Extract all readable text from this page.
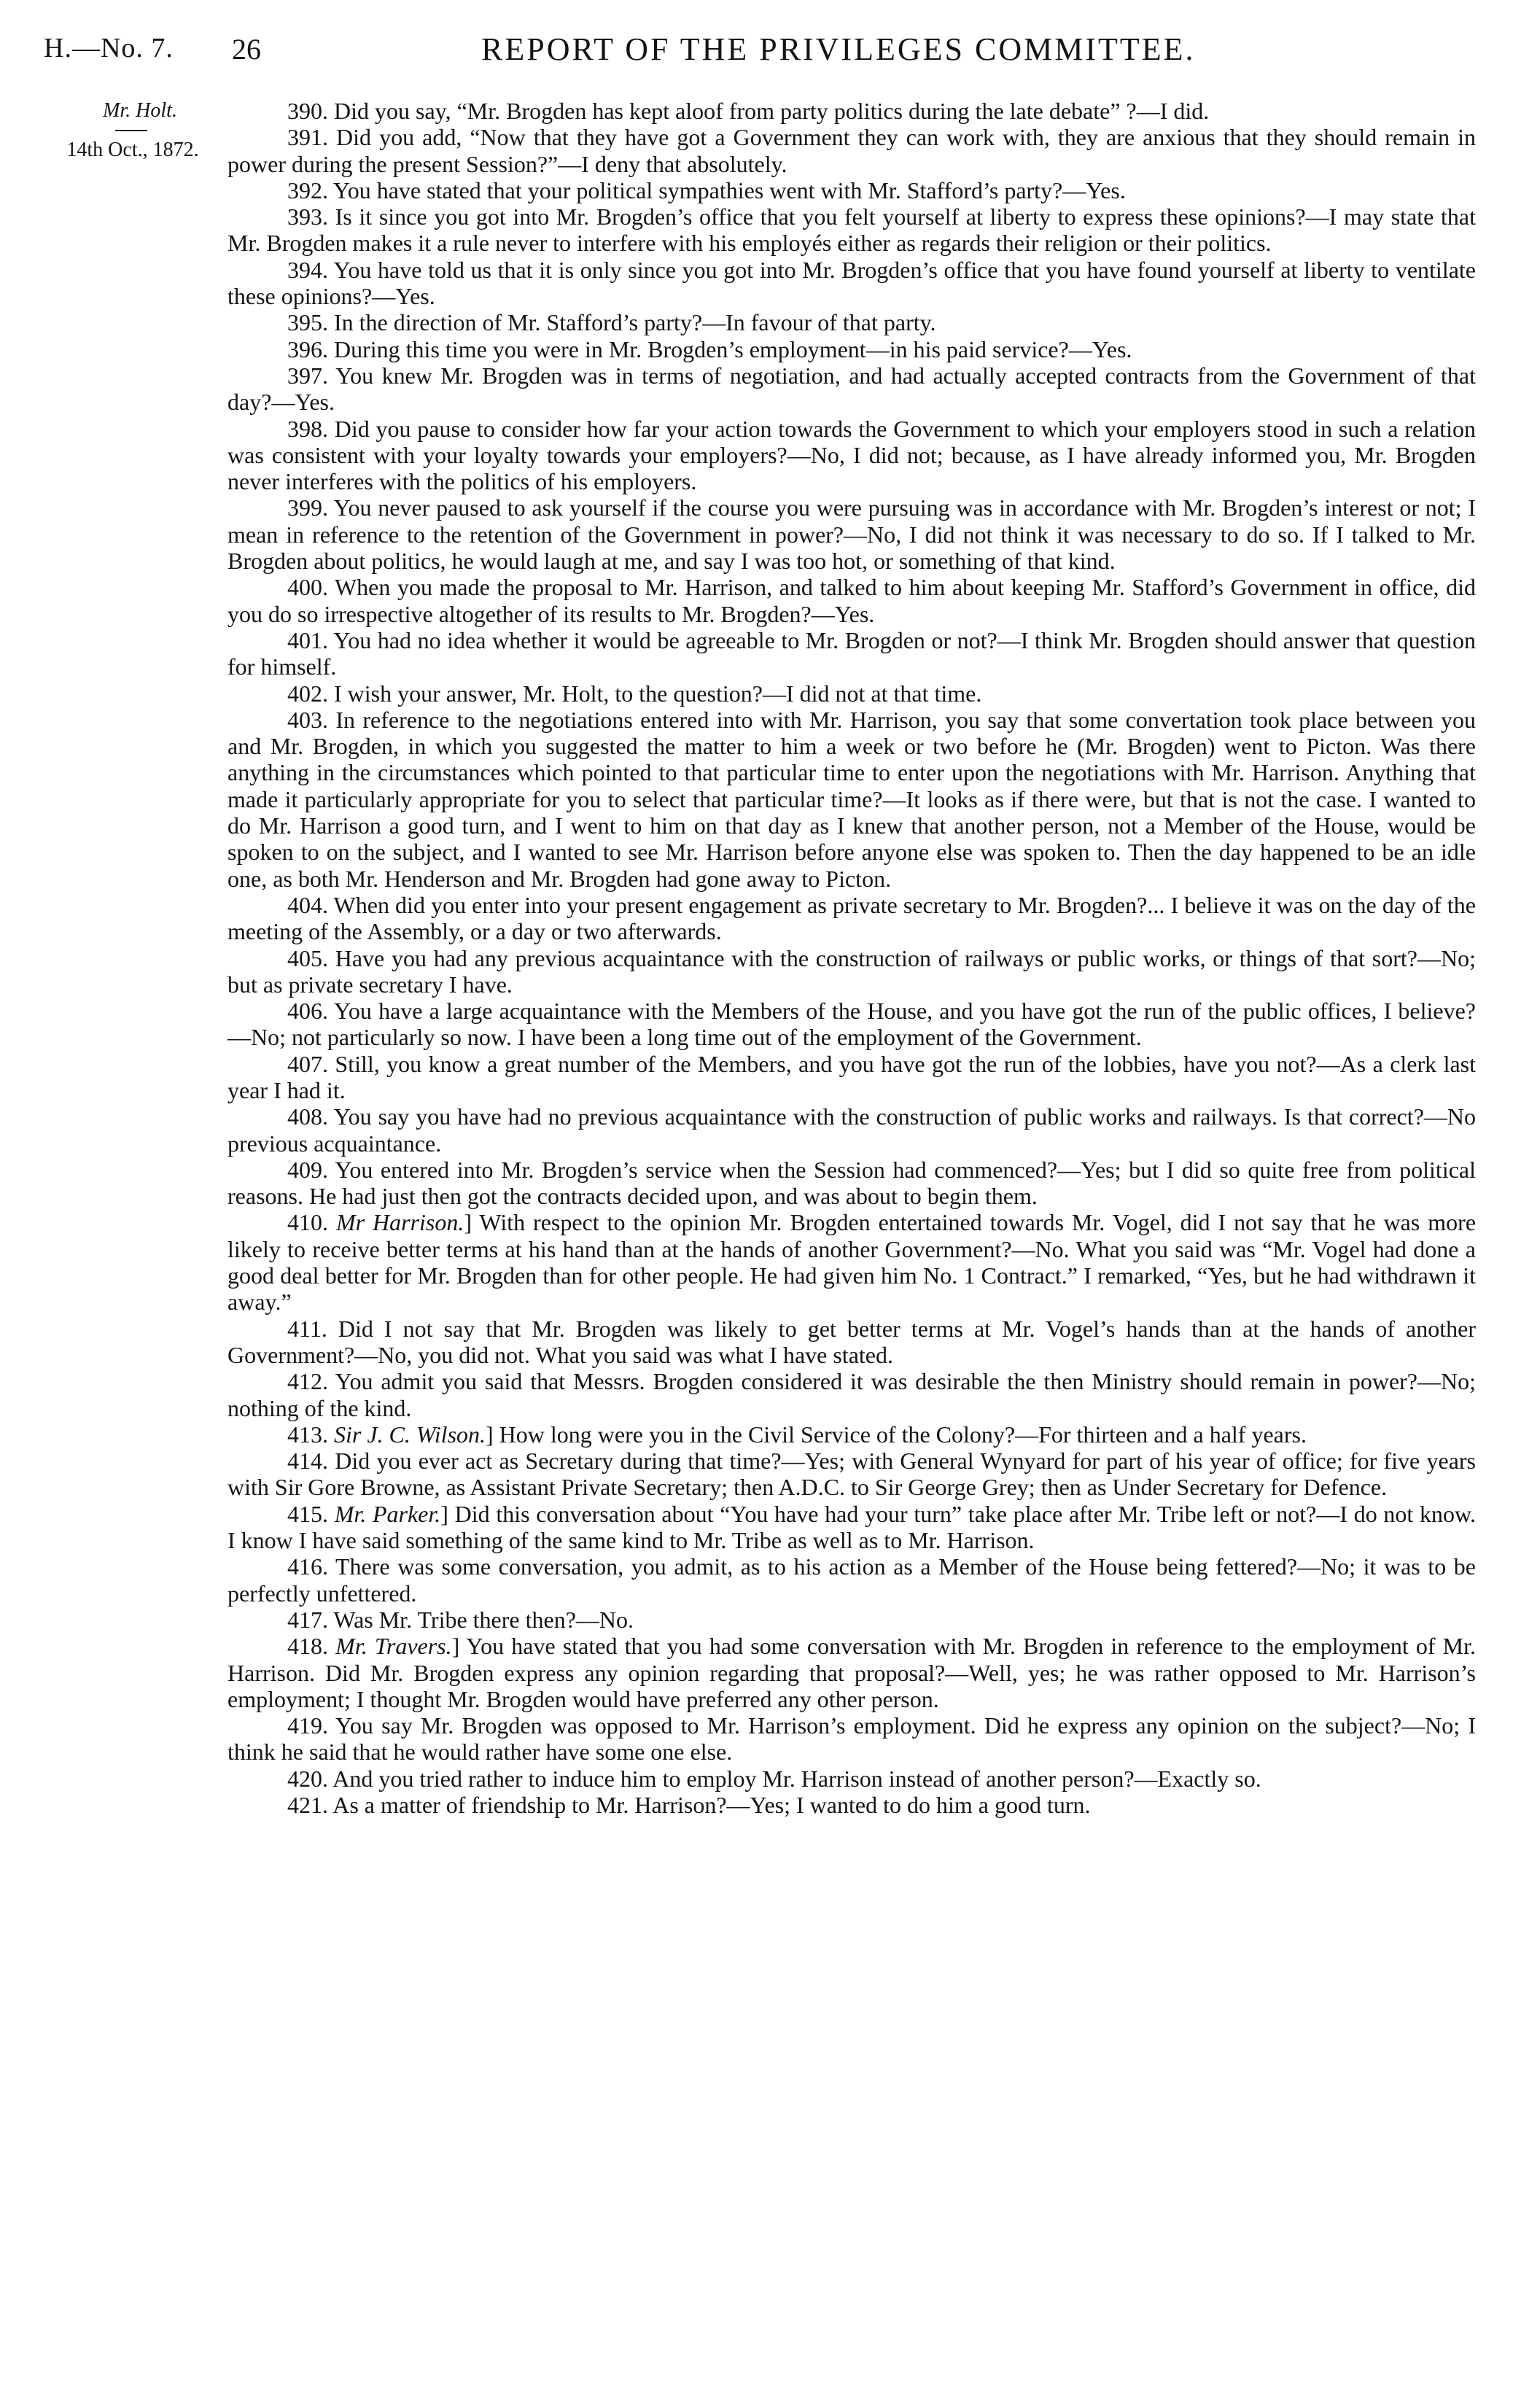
H.—No. 7. 26	REPORT OF THE PRIVILEGES COMMITTEE.
Mr. Holt.
14th Oct., 1872.

390. Did you say, “Mr. Brogden has kept aloof from party politics during the late debate” ?—I did.

391. Did you add, “Now that they have got a Government they can work with, they are anxious that they should remain in power during the present Session?”—I deny that absolutely.

392. You have stated that your political sympathies went with Mr. Stafford’s party?—Yes.

393. Is it since you got into Mr. Brogden’s office that you felt yourself at liberty to express these opinions?—I may state that Mr. Brogden makes it a rule never to interfere with his employés either as regards their religion or their politics.

394. You have told us that it is only since you got into Mr. Brogden’s office that you have found yourself at liberty to ventilate these opinions?—Yes.

395. In the direction of Mr. Stafford’s party?—In favour of that party.

396. During this time you were in Mr. Brogden’s employment—in his paid service?—Yes.

397. You knew Mr. Brogden was in terms of negotiation, and had actually accepted contracts from the Government of that day?—Yes.

398. Did you pause to consider how far your action towards the Government to which your employers stood in such a relation was consistent with your loyalty towards your employers?—No, I did not; because, as I have already informed you, Mr. Brogden never interferes with the politics of his employers.

399. You never paused to ask yourself if the course you were pursuing was in accordance with Mr. Brogden’s interest or not; I mean in reference to the retention of the Government in power?—No, I did not think it was necessary to do so. If I talked to Mr. Brogden about politics, he would laugh at me, and say I was too hot, or something of that kind.

400. When you made the proposal to Mr. Harrison, and talked to him about keeping Mr. Stafford’s Government in office, did you do so irrespective altogether of its results to Mr. Brogden?—Yes.

401. You had no idea whether it would be agreeable to Mr. Brogden or not?—I think Mr. Brogden should answer that question for himself.

402. I wish your answer, Mr. Holt, to the question?—I did not at that time.

403. In reference to the negotiations entered into with Mr. Harrison, you say that some convertation took place between you and Mr. Brogden, in which you suggested the matter to him a week or two before he (Mr. Brogden) went to Picton. Was there anything in the circumstances which pointed to that particular time to enter upon the negotiations with Mr. Harrison. Anything that made it particularly appropriate for you to select that particular time?—It looks as if there were, but that is not the case. I wanted to do Mr. Harrison a good turn, and I went to him on that day as I knew that another person, not a Member of the House, would be spoken to on the subject, and I wanted to see Mr. Harrison before anyone else was spoken to. Then the day happened to be an idle one, as both Mr. Henderson and Mr. Brogden had gone away to Picton.

404. When did you enter into your present engagement as private secretary to Mr. Brogden?... I believe it was on the day of the meeting of the Assembly, or a day or two afterwards.

405. Have you had any previous acquaintance with the construction of railways or public works, or things of that sort?—No; but as private secretary I have.

406. You have a large acquaintance with the Members of the House, and you have got the run of the public offices, I believe?—No; not particularly so now. I have been a long time out of the employment of the Government.

407. Still, you know a great number of the Members, and you have got the run of the lobbies, have you not?—As a clerk last year I had it.

408. You say you have had no previous acquaintance with the construction of public works and railways. Is that correct?—No previous acquaintance.

409. You entered into Mr. Brogden’s service when the Session had commenced?—Yes; but I did so quite free from political reasons. He had just then got the contracts decided upon, and was about to begin them.

410. Mr Harrison.] With respect to the opinion Mr. Brogden entertained towards Mr. Vogel, did I not say that he was more likely to receive better terms at his hand than at the hands of another Government?—No. What you said was “Mr. Vogel had done a good deal better for Mr. Brogden than for other people. He had given him No. 1 Contract.” I remarked, “Yes, but he had withdrawn it away.”

411. Did I not say that Mr. Brogden was likely to get better terms at Mr. Vogel’s hands than at the hands of another Government?—No, you did not. What you said was what I have stated.

412. You admit you said that Messrs. Brogden considered it was desirable the then Ministry should remain in power?—No; nothing of the kind.

413. Sir J. C. Wilson.] How long were you in the Civil Service of the Colony?—For thirteen and a half years.

414. Did you ever act as Secretary during that time?—Yes; with General Wynyard for part of his year of office; for five years with Sir Gore Browne, as Assistant Private Secretary; then A.D.C. to Sir George Grey; then as Under Secretary for Defence.

415. Mr. Parker.] Did this conversation about “You have had your turn” take place after Mr. Tribe left or not?—I do not know. I know I have said something of the same kind to Mr. Tribe as well as to Mr. Harrison.

416. There was some conversation, you admit, as to his action as a Member of the House being fettered?—No; it was to be perfectly unfettered.

417. Was Mr. Tribe there then?—No.

418. Mr. Travers.] You have stated that you had some conversation with Mr. Brogden in reference to the employment of Mr. Harrison. Did Mr. Brogden express any opinion regarding that proposal?—Well, yes; he was rather opposed to Mr. Harrison’s employment; I thought Mr. Brogden would have preferred any other person.

419. You say Mr. Brogden was opposed to Mr. Harrison’s employment. Did he express any opinion on the subject?—No; I think he said that he would rather have some one else.

420. And you tried rather to induce him to employ Mr. Harrison instead of another person?—Exactly so.

421. As a matter of friendship to Mr. Harrison?—Yes; I wanted to do him a good turn.
